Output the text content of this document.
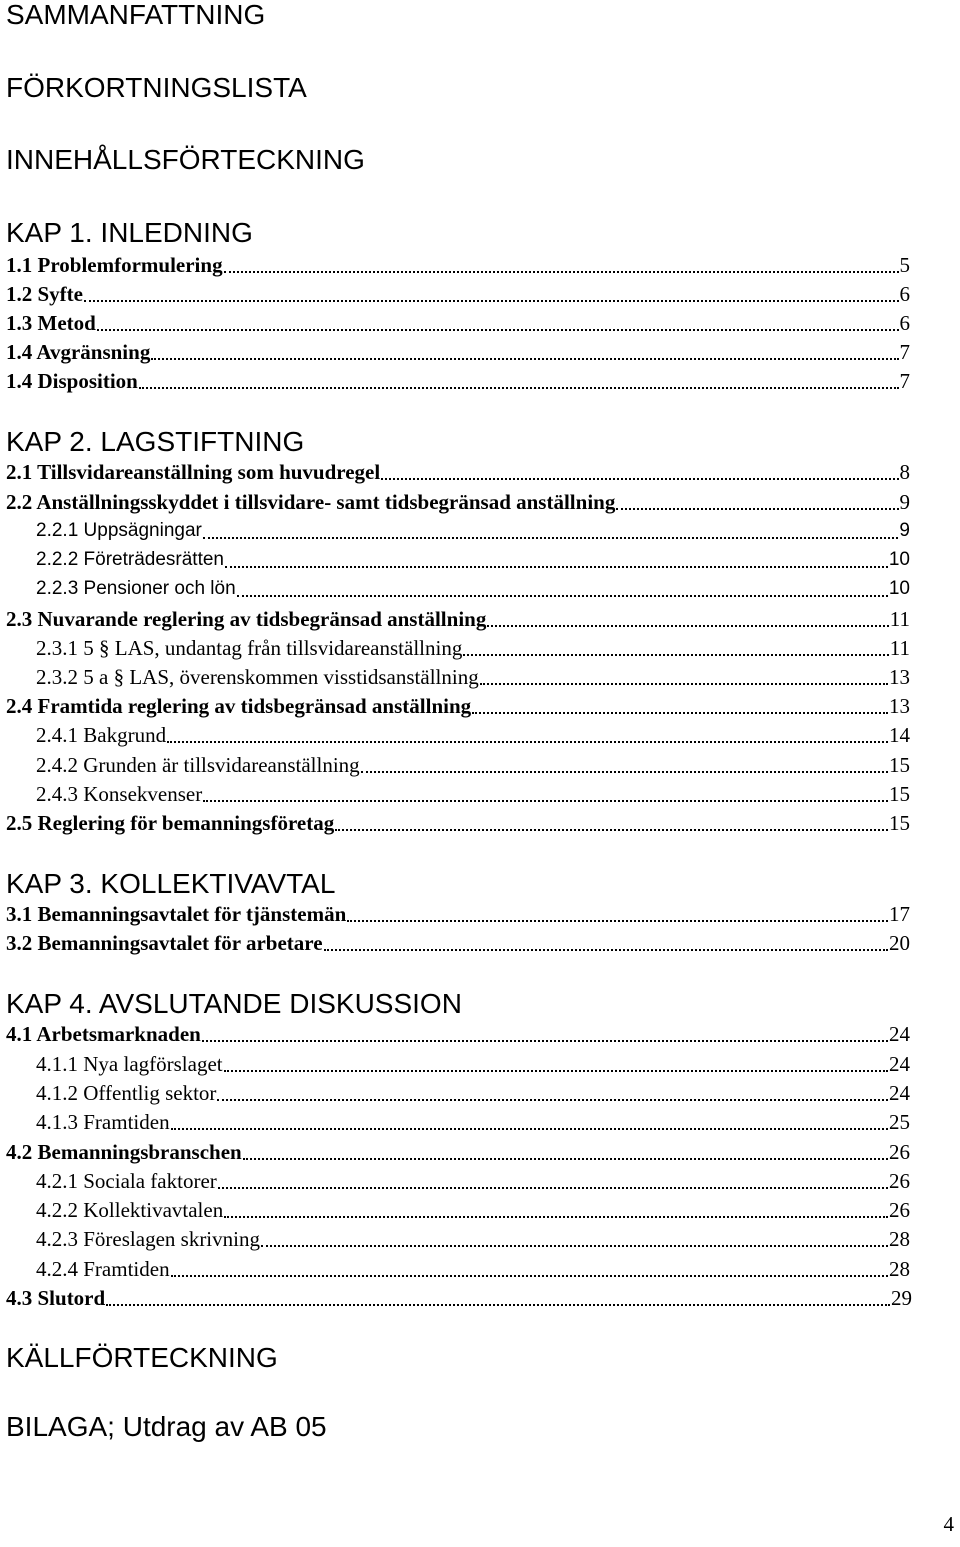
SAMMANFATTNING
FÖRKORTNINGSLISTA
INNEHÅLLSFÖRTECKNING
KAP 1. INLEDNING
1.1 Problemformulering	5
1.2 Syfte	6
1.3 Metod	6
1.4 Avgränsning	7
1.4 Disposition	7
KAP 2. LAGSTIFTNING
2.1 Tillsvidareanställning som huvudregel	8
2.2 Anställningsskyddet i tillsvidare- samt tidsbegränsad anställning	9
2.2.1 Uppsägningar	9
2.2.2 Företrädesrätten	10
2.2.3 Pensioner och lön	10
2.3 Nuvarande reglering av tidsbegränsad anställning	11
2.3.1 5 § LAS, undantag från tillsvidareanställning	11
2.3.2 5 a § LAS, överenskommen visstidsanställning	13
2.4 Framtida reglering av tidsbegränsad anställning	13
2.4.1 Bakgrund	14
2.4.2 Grunden är tillsvidareanställning	15
2.4.3 Konsekvenser	15
2.5 Reglering för bemanningsföretag	15
KAP 3. KOLLEKTIVAVTAL
3.1 Bemanningsavtalet för tjänstemän	17
3.2 Bemanningsavtalet för arbetare	20
KAP 4. AVSLUTANDE DISKUSSION
4.1 Arbetsmarknaden	24
4.1.1 Nya lagförslaget	24
4.1.2 Offentlig sektor	24
4.1.3 Framtiden	25
4.2 Bemanningsbranschen	26
4.2.1 Sociala faktorer	26
4.2.2 Kollektivavtalen	26
4.2.3 Föreslagen skrivning	28
4.2.4 Framtiden	28
4.3 Slutord	29
KÄLLFÖRTECKNING
BILAGA; Utdrag av AB 05
4
